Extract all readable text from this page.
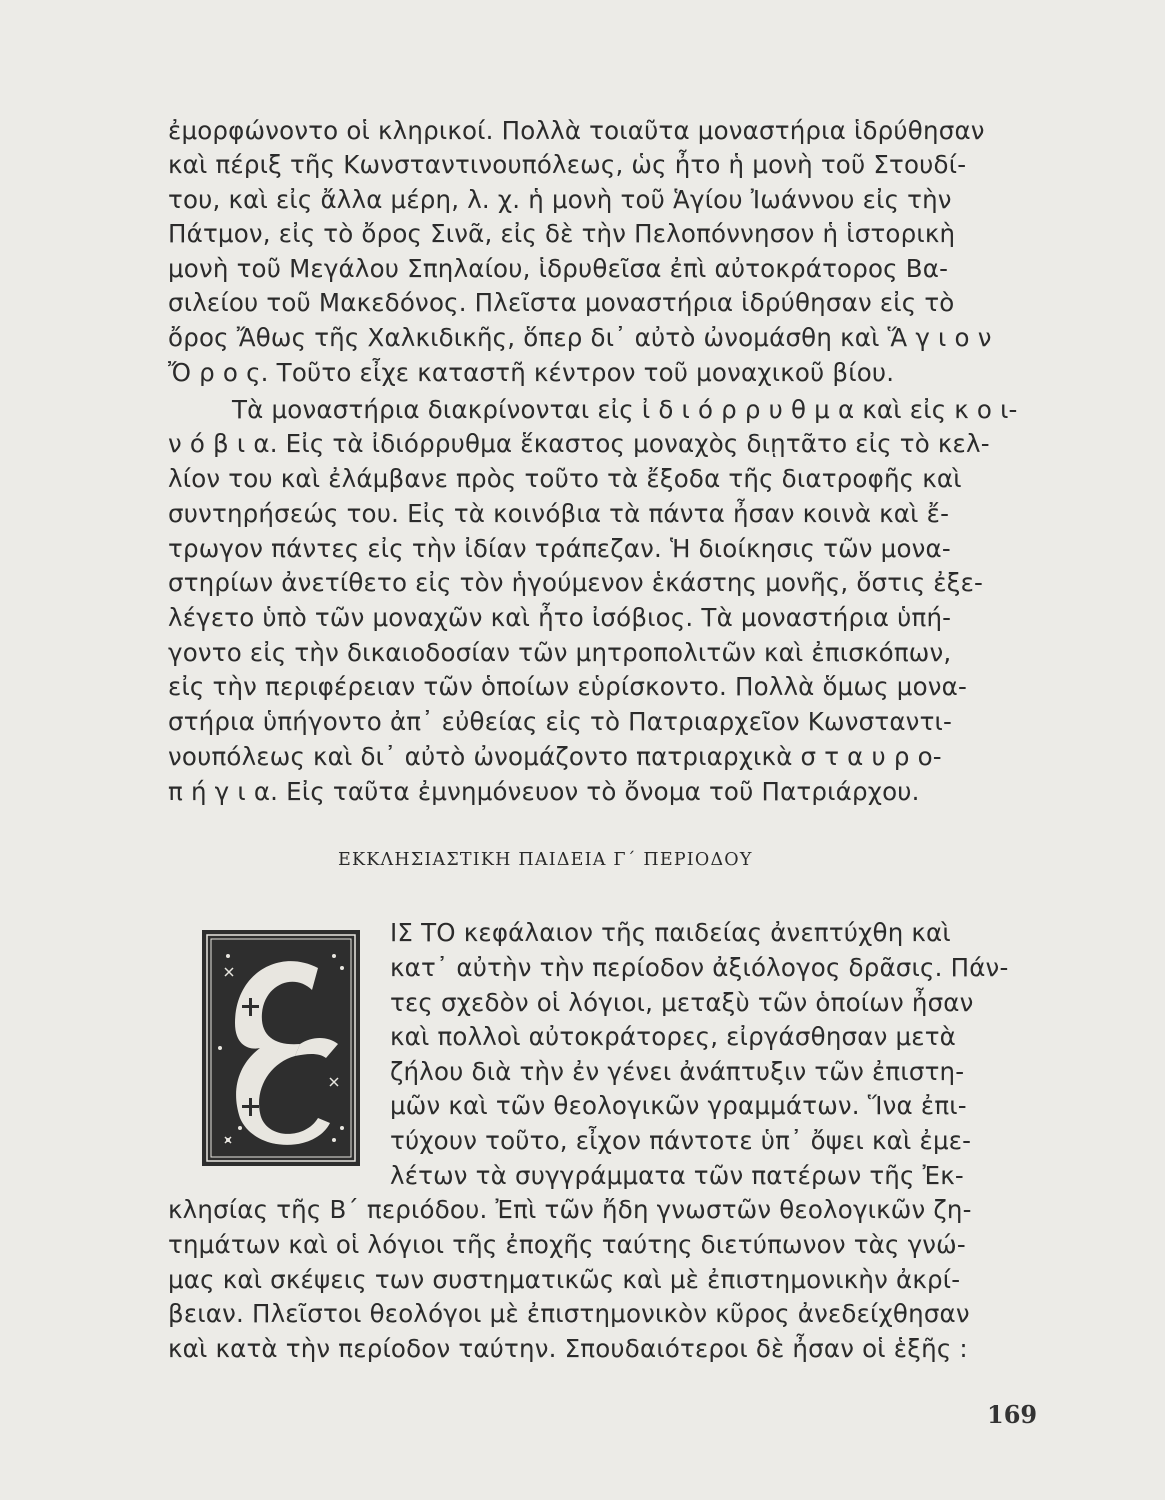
ἐμορφώνοντο οἱ κληρικοί. Πολλὰ τοιαῦτα μοναστήρια ἱδρύθησαν
καὶ πέριξ τῆς Κωνσταντινουπόλεως, ὡς ἦτο ἡ μονὴ τοῦ Στουδί-
του, καὶ εἰς ἄλλα μέρη, λ. χ. ἡ μονὴ τοῦ Ἁγίου Ἰωάννου εἰς τὴν
Πάτμον, εἰς τὸ ὄρος Σινᾶ, εἰς δὲ τὴν Πελοπόννησον ἡ ἱστορικὴ
μονὴ τοῦ Μεγάλου Σπηλαίου, ἱδρυθεῖσα ἐπὶ αὐτοκράτορος Βα-
σιλείου τοῦ Μακεδόνος. Πλεῖστα μοναστήρια ἱδρύθησαν εἰς τὸ
ὄρος Ἄθως τῆς Χαλκιδικῆς, ὅπερ δι᾽ αὐτὸ ὠνομάσθη καὶ Ἅ γ ι ο ν
Ὄ ρ ο ς. Τοῦτο εἶχε καταστῆ κέντρον τοῦ μοναχικοῦ βίου.
Τὰ μοναστήρια διακρίνονται εἰς ἰ δ ι ό ρ ρ υ θ μ α καὶ εἰς κ ο ι-
ν ό β ι α. Εἰς τὰ ἰδιόρρυθμα ἕκαστος μοναχὸς διῃτᾶτο εἰς τὸ κελ-
λίον του καὶ ἐλάμβανε πρὸς τοῦτο τὰ ἔξοδα τῆς διατροφῆς καὶ
συντηρήσεώς του. Εἰς τὰ κοινόβια τὰ πάντα ἦσαν κοινὰ καὶ ἔ-
τρωγον πάντες εἰς τὴν ἰδίαν τράπεζαν. Ἡ διοίκησις τῶν μονα-
στηρίων ἀνετίθετο εἰς τὸν ἡγούμενον ἑκάστης μονῆς, ὅστις ἐξε-
λέγετο ὑπὸ τῶν μοναχῶν καὶ ἦτο ἰσόβιος. Τὰ μοναστήρια ὑπή-
γοντο εἰς τὴν δικαιοδοσίαν τῶν μητροπολιτῶν καὶ ἐπισκόπων,
εἰς τὴν περιφέρειαν τῶν ὁποίων εὑρίσκοντο. Πολλὰ ὅμως μονα-
στήρια ὑπήγοντο ἀπ᾽ εὐθείας εἰς τὸ Πατριαρχεῖον Κωνσταντι-
νουπόλεως καὶ δι᾽ αὐτὸ ὠνομάζοντο πατριαρχικὰ σ τ α υ ρ ο-
π ή γ ι α. Εἰς ταῦτα ἐμνημόνευον τὸ ὄνομα τοῦ Πατριάρχου.
ΕΚΚΛΗΣΙΑΣΤΙΚΗ ΠΑΙΔΕΙΑ Γ΄ ΠΕΡΙΟΔΟΥ
ΙΣ ΤΟ κεφάλαιον τῆς παιδείας ἀνεπτύχθη καὶ
κατ᾽ αὐτὴν τὴν περίοδον ἀξιόλογος δρᾶσις. Πάν-
τες σχεδὸν οἱ λόγιοι, μεταξὺ τῶν ὁποίων ἦσαν
καὶ πολλοὶ αὐτοκράτορες, εἰργάσθησαν μετὰ
ζήλου διὰ τὴν ἐν γένει ἀνάπτυξιν τῶν ἐπιστη-
μῶν καὶ τῶν θεολογικῶν γραμμάτων. Ἵνα ἐπι-
τύχουν τοῦτο, εἶχον πάντοτε ὑπ᾽ ὄψει καὶ ἐμε-
λέτων τὰ συγγράμματα τῶν πατέρων τῆς Ἐκ-
κλησίας τῆς Β΄ περιόδου. Ἐπὶ τῶν ἤδη γνωστῶν θεολογικῶν ζη-
τημάτων καὶ οἱ λόγιοι τῆς ἐποχῆς ταύτης διετύπωνον τὰς γνώ-
μας καὶ σκέψεις των συστηματικῶς καὶ μὲ ἐπιστημονικὴν ἀκρί-
βειαν. Πλεῖστοι θεολόγοι μὲ ἐπιστημονικὸν κῦρος ἀνεδείχθησαν
καὶ κατὰ τὴν περίοδον ταύτην. Σπουδαιότεροι δὲ ἦσαν οἱ ἑξῆς :
169
